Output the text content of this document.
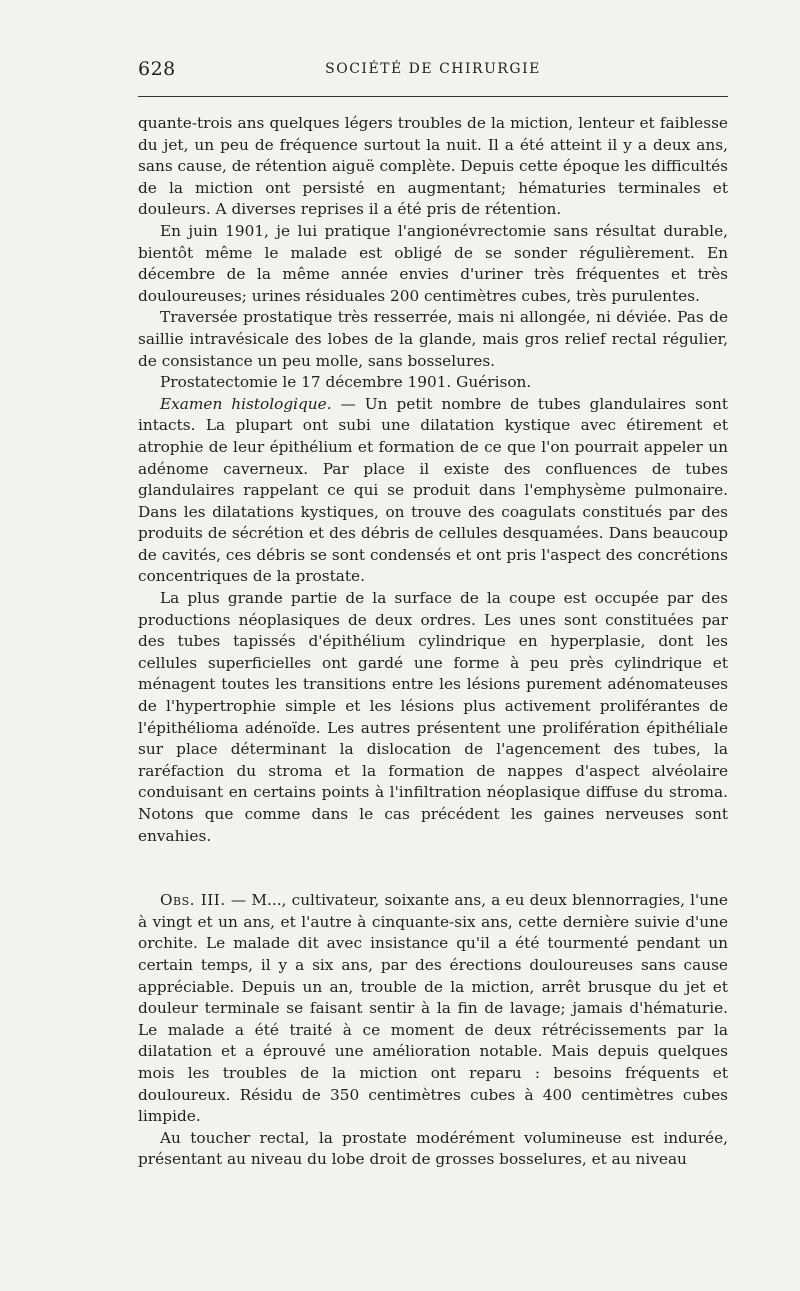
628	SOCIÉTÉ DE CHIRURGIE

quante-trois ans quelques légers troubles de la miction, lenteur et faiblesse du jet, un peu de fréquence surtout la nuit. Il a été atteint il y a deux ans, sans cause, de rétention aiguë complète. Depuis cette époque les difficultés de la miction ont persisté en augmentant; hématuries terminales et douleurs. A diverses reprises il a été pris de rétention.

En juin 1901, je lui pratique l'angionévrectomie sans résultat durable, bientôt même le malade est obligé de se sonder régulièrement. En décembre de la même année envies d'uriner très fréquentes et très douloureuses; urines résiduales 200 centimètres cubes, très purulentes.

Traversée prostatique très resserrée, mais ni allongée, ni déviée. Pas de saillie intravésicale des lobes de la glande, mais gros relief rectal régulier, de consistance un peu molle, sans bosselures.

Prostatectomie le 17 décembre 1901. Guérison.

Examen histologique. — Un petit nombre de tubes glandulaires sont intacts. La plupart ont subi une dilatation kystique avec étirement et atrophie de leur épithélium et formation de ce que l'on pourrait appeler un adénome caverneux. Par place il existe des confluences de tubes glandulaires rappelant ce qui se produit dans l'emphysème pulmonaire. Dans les dilatations kystiques, on trouve des coagulats constitués par des produits de sécrétion et des débris de cellules desquamées. Dans beaucoup de cavités, ces débris se sont condensés et ont pris l'aspect des concrétions concentriques de la prostate.

La plus grande partie de la surface de la coupe est occupée par des productions néoplasiques de deux ordres. Les unes sont constituées par des tubes tapissés d'épithélium cylindrique en hyperplasie, dont les cellules superficielles ont gardé une forme à peu près cylindrique et ménagent toutes les transitions entre les lésions purement adénomateuses de l'hypertrophie simple et les lésions plus activement proliférantes de l'épithélioma adénoïde. Les autres présentent une prolifération épithéliale sur place déterminant la dislocation de l'agencement des tubes, la raréfaction du stroma et la formation de nappes d'aspect alvéolaire conduisant en certains points à l'infiltration néoplasique diffuse du stroma. Notons que comme dans le cas précédent les gaines nerveuses sont envahies.

Obs. III. — M..., cultivateur, soixante ans, a eu deux blennorragies, l'une à vingt et un ans, et l'autre à cinquante-six ans, cette dernière suivie d'une orchite. Le malade dit avec insistance qu'il a été tourmenté pendant un certain temps, il y a six ans, par des érections douloureuses sans cause appréciable. Depuis un an, trouble de la miction, arrêt brusque du jet et douleur terminale se faisant sentir à la fin de lavage; jamais d'hématurie. Le malade a été traité à ce moment de deux rétrécissements par la dilatation et a éprouvé une amélioration notable. Mais depuis quelques mois les troubles de la miction ont reparu : besoins fréquents et douloureux. Résidu de 350 centimètres cubes à 400 centimètres cubes limpide.

Au toucher rectal, la prostate modérément volumineuse est indurée, présentant au niveau du lobe droit de grosses bosselures, et au niveau
